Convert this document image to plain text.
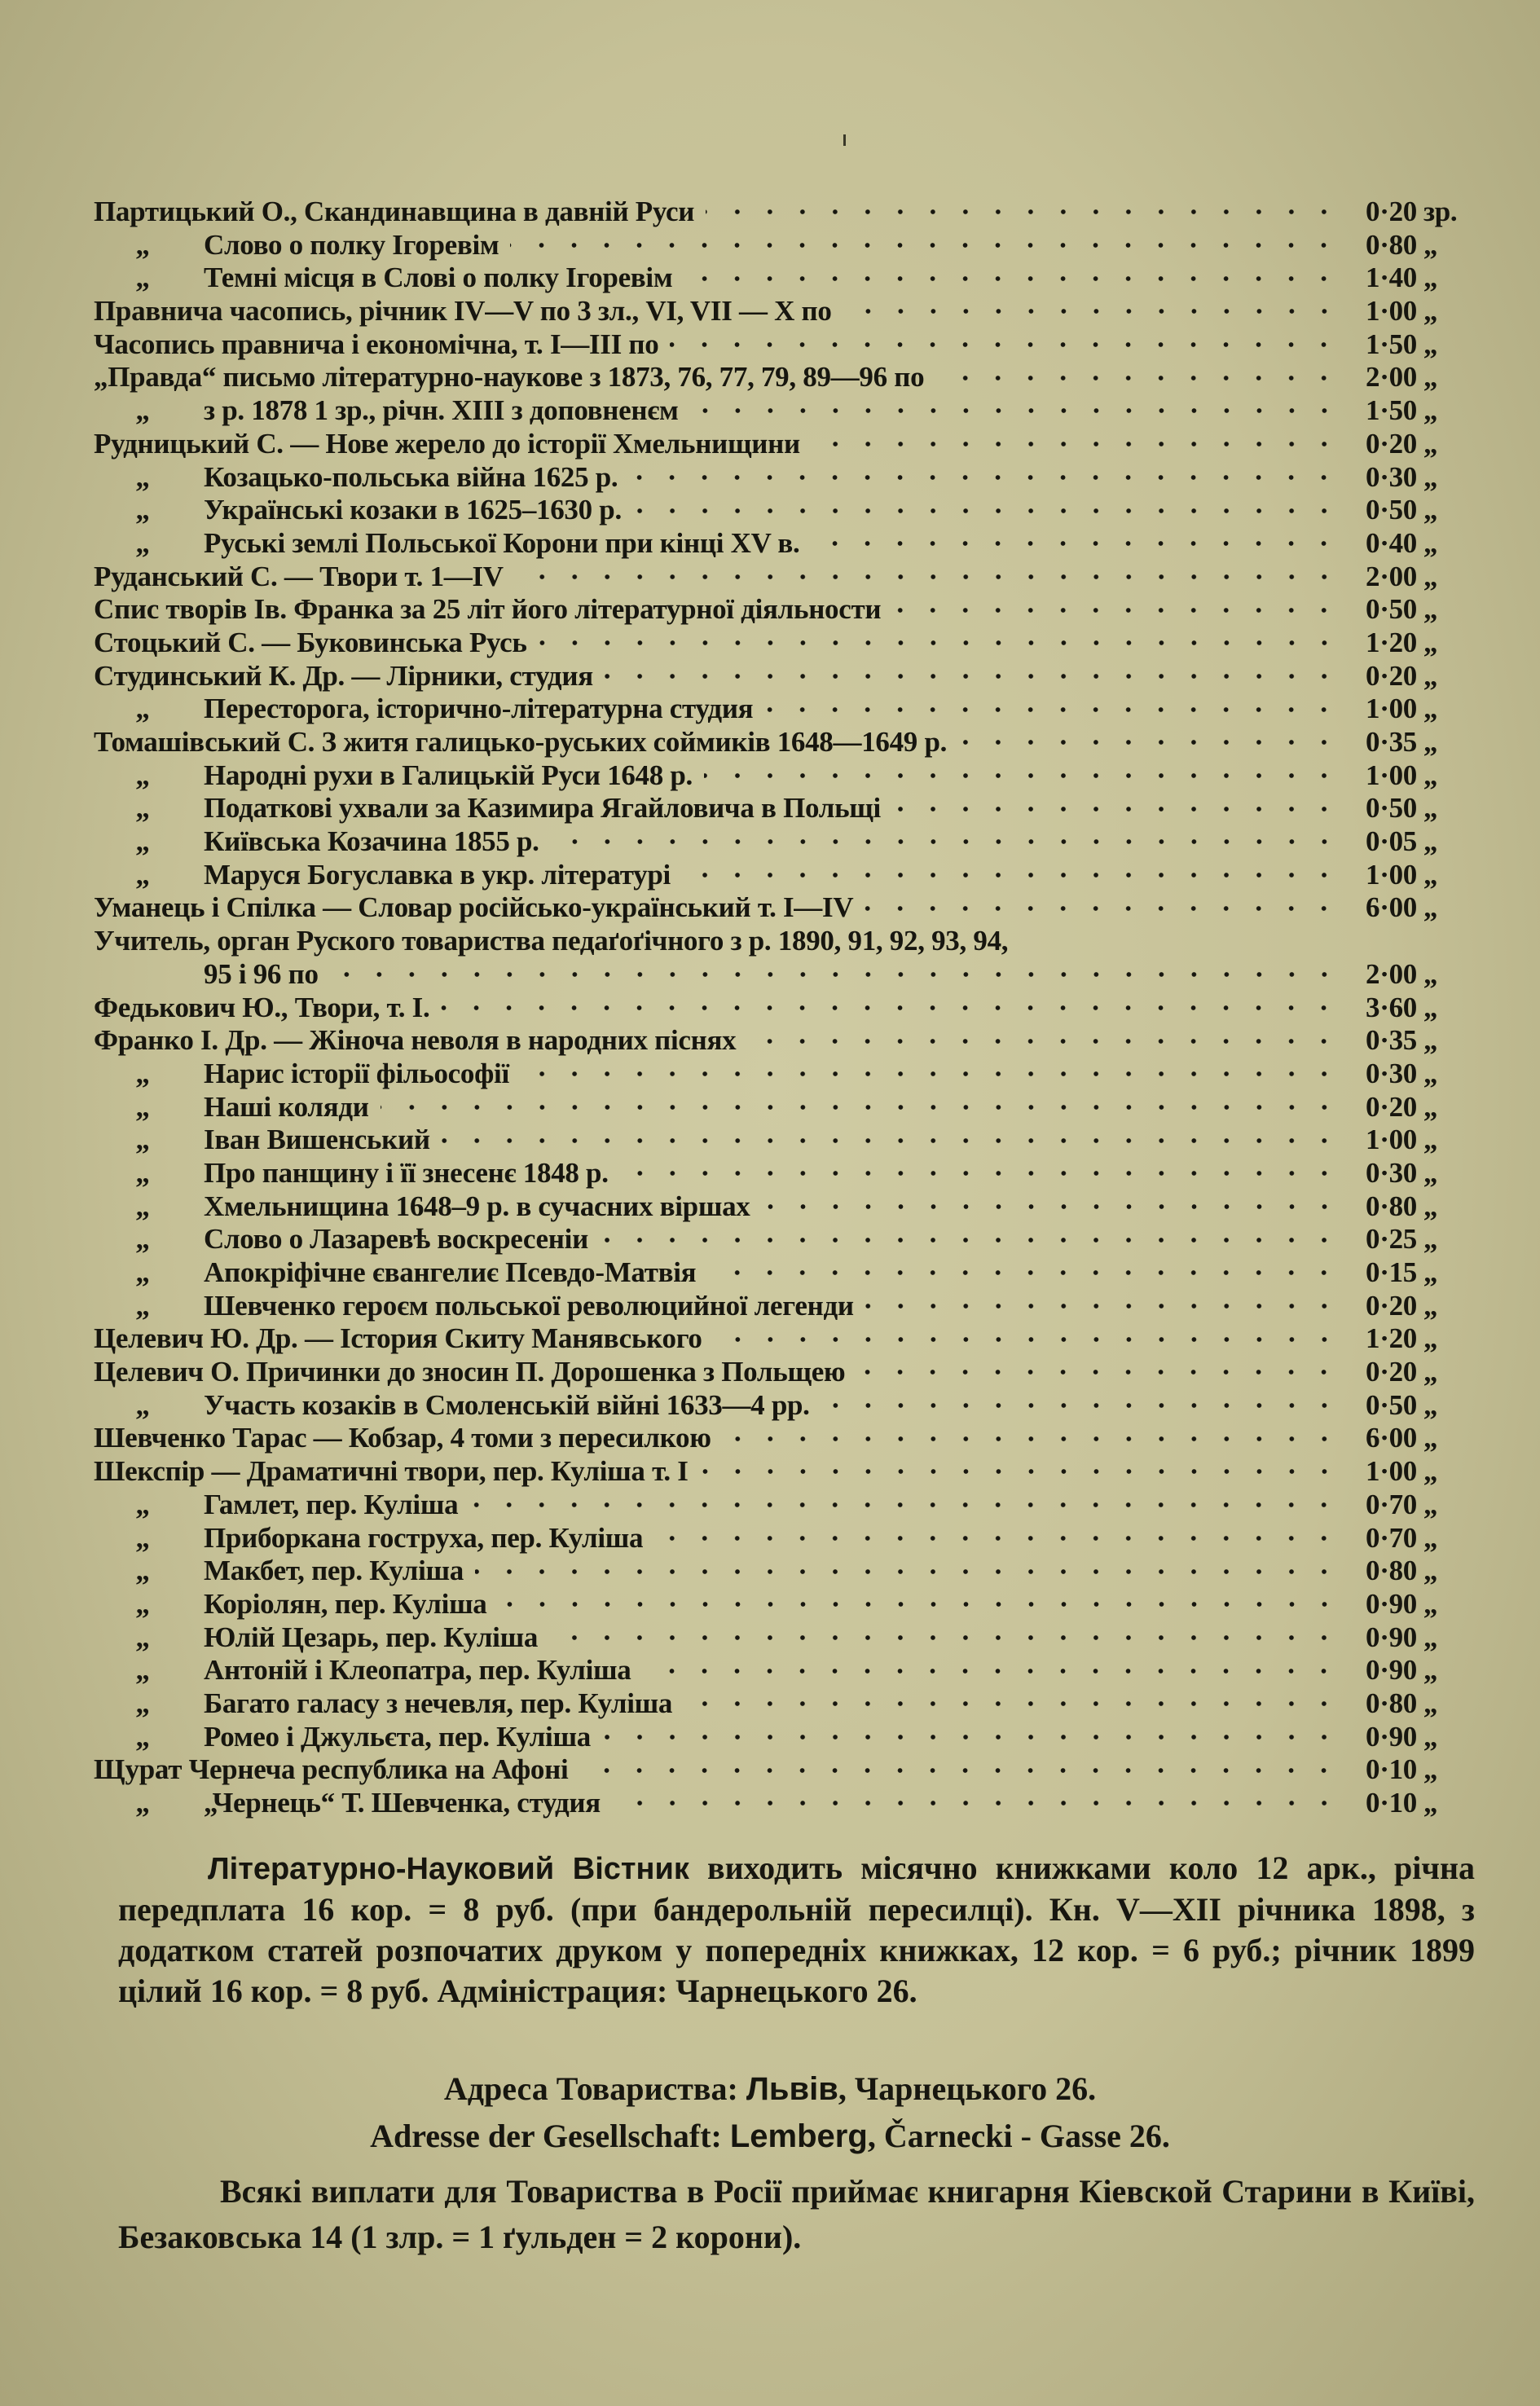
Партицький О., Скандинавщина в давній Руси	0·20 зр.
„	Слово о полку Ігоревім	0·80 „
„	Темні місця в Слові о полку Ігоревім	1·40 „
Правнича часопись, річник IV—V по 3 зл., VI, VII — X по	1·00 „
Часопись правнича і економічна, т. I—III по	1·50 „
„Правда“ письмо літературно-наукове з 1873, 76, 77, 79, 89—96 по	2·00 „
„	з р. 1878 1 зр., річн. XIII з доповненєм	1·50 „
Рудницький С. — Нове жерело до історії Хмельнищини	0·20 „
„	Козацько-польська війна 1625 р.	0·30 „
„	Українські козаки в 1625–1630 р.	0·50 „
„	Руські землі Польської Корони при кінці XV в.	0·40 „
Руданський С. — Твори т. 1—IV	2·00 „
Спис творів Ів. Франка за 25 літ його літературної діяльности	0·50 „
Стоцький С. — Буковинська Русь	1·20 „
Студинський К. Др. — Лірники, студия	0·20 „
„	Пересторога, історично-літературна студия	1·00 „
Томашівський С. З житя галицько-руських соймиків 1648—1649 р.	0·35 „
„	Народні рухи в Галицькій Руси 1648 р.	1·00 „
„	Податкові ухвали за Казимира Ягайловича в Польщі	0·50 „
„	Київська Козачина 1855 р.	0·05 „
„	Маруся Богуславка в укр. літературі	1·00 „
Уманець і Спілка — Словар російсько-український т. I—IV	6·00 „
Учитель, орган Руского товариства педаґоґічного з р. 1890, 91, 92, 93, 94,
95 і 96 по	2·00 „
Федькович Ю., Твори, т. I.	3·60 „
Франко І. Др. — Жіноча неволя в народних піснях	0·35 „
„	Нарис історії фільософії	0·30 „
„	Наші коляди	0·20 „
„	Іван Вишенський	1·00 „
„	Про панщину і її знесенє 1848 р.	0·30 „
„	Хмельнищина 1648–9 р. в сучасних віршах	0·80 „
„	Слово о Лазаревѣ воскресеніи	0·25 „
„	Апокріфічне євангелиє Псевдо-Матвія	0·15 „
„	Шевченко героєм польської революцийної легенди	0·20 „
Целевич Ю. Др. — Істория Скиту Манявського	1·20 „
Целевич О. Причинки до зносин П. Дорошенка з Польщею	0·20 „
„	Участь козаків в Смоленській війні 1633—4 рр.	0·50 „
Шевченко Тарас — Кобзар, 4 томи з пересилкою	6·00 „
Шекспір — Драматичні твори, пер. Куліша т. I	1·00 „
„	Гамлет, пер. Куліша	0·70 „
„	Приборкана гоструха, пер. Куліша	0·70 „
„	Макбет, пер. Куліша	0·80 „
„	Коріолян, пер. Куліша	0·90 „
„	Юлій Цезарь, пер. Куліша	0·90 „
„	Антоній і Клеопатра, пер. Куліша	0·90 „
„	Багато галасу з нечевля, пер. Куліша	0·80 „
„	Ромео і Джульєта, пер. Куліша	0·90 „
Щурат Чернеча республика на Афоні	0·10 „
„	„Чернець“ Т. Шевченка, студия	0·10 „
Літературно-Науковий Вістник виходить місячно книжками коло 12 арк., річна передплата 16 кор. = 8 руб. (при бандерольній пересилці). Кн. V—XII річника 1898, з додатком статей розпочатих друком у попередніх книжках, 12 кор. = 6 руб.; річник 1899 цілий 16 кор. = 8 руб. Адміністрация: Чарнецького 26.
Адреса Товариства: Львів, Чарнецького 26.
Adresse der Gesellschaft: Lemberg, Čarnecki - Gasse 26.
Всякі виплати для Товариства в Росії приймає книгарня Кіевской Старини в Київі, Безаковська 14 (1 злр. = 1 ґульден = 2 корони).
